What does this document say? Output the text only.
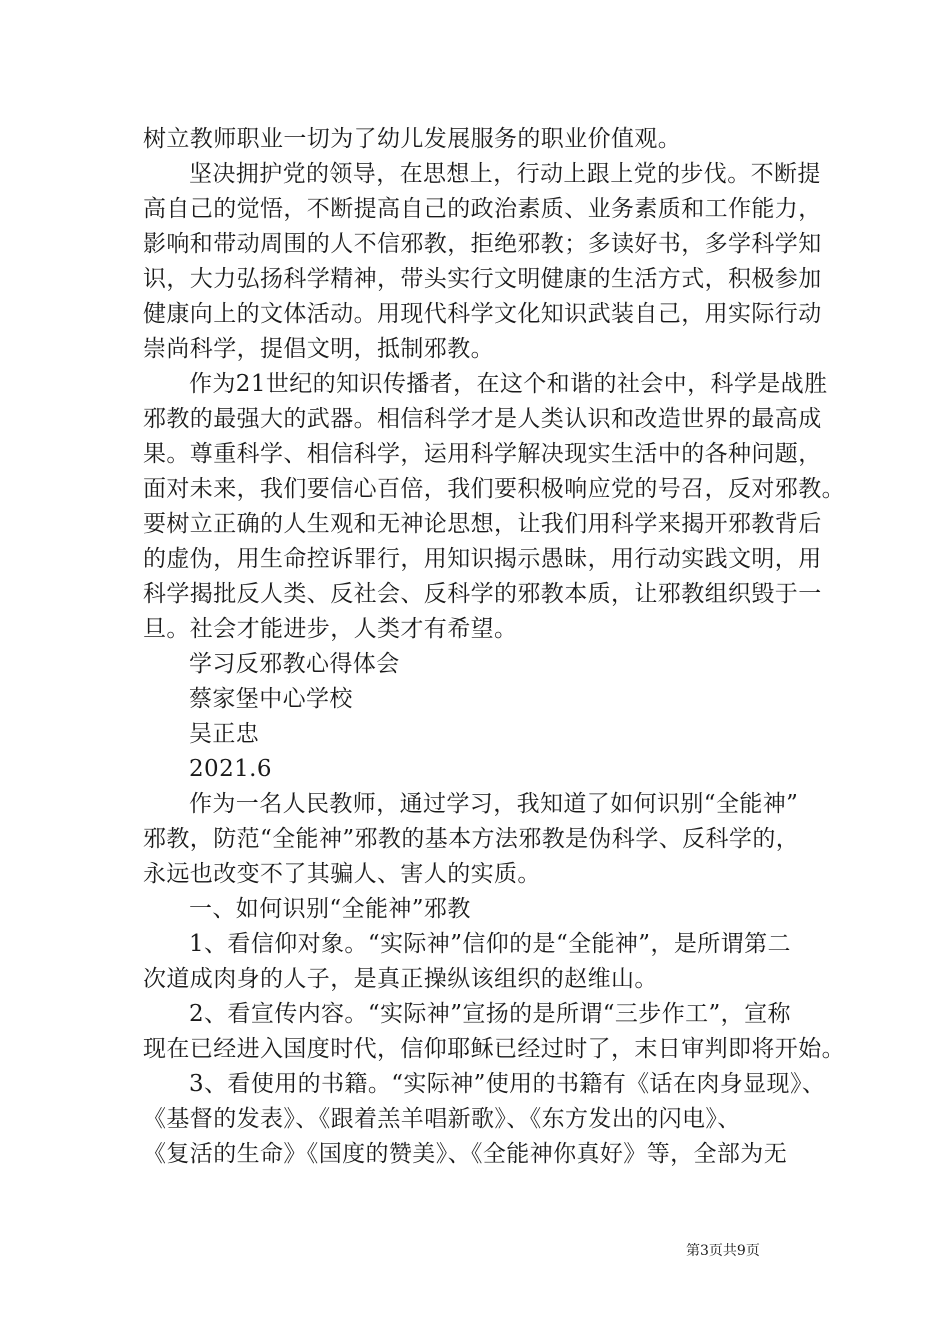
树立教师职业一切为了幼儿发展服务的职业价值观。
坚决拥护党的领导，在思想上，行动上跟上党的步伐。不断提
高自己的觉悟，不断提高自己的政治素质、业务素质和工作能力，
影响和带动周围的人不信邪教，拒绝邪教；多读好书，多学科学知
识，大力弘扬科学精神，带头实行文明健康的生活方式，积极参加
健康向上的文体活动。用现代科学文化知识武装自己，用实际行动
崇尚科学，提倡文明，抵制邪教。
作为21世纪的知识传播者，在这个和谐的社会中，科学是战胜
邪教的最强大的武器。相信科学才是人类认识和改造世界的最高成
果。尊重科学、相信科学，运用科学解决现实生活中的各种问题，
面对未来，我们要信心百倍，我们要积极响应党的号召，反对邪教。
要树立正确的人生观和无神论思想，让我们用科学来揭开邪教背后
的虚伪，用生命控诉罪行，用知识揭示愚昧，用行动实践文明，用
科学揭批反人类、反社会、反科学的邪教本质，让邪教组织毁于一
旦。社会才能进步，人类才有希望。
学习反邪教心得体会
蔡家堡中心学校
吴正忠
2021.6
作为一名人民教师，通过学习，我知道了如何识别“全能神”
邪教，防范“全能神”邪教的基本方法邪教是伪科学、反科学的，
永远也改变不了其骗人、害人的实质。
一、如何识别“全能神”邪教
1、看信仰对象。“实际神”信仰的是“全能神”，是所谓第二
次道成肉身的人子，是真正操纵该组织的赵维山。
2、看宣传内容。“实际神”宣扬的是所谓“三步作工”，宣称
现在已经进入国度时代，信仰耶稣已经过时了，末日审判即将开始。
3、看使用的书籍。“实际神”使用的书籍有《话在肉身显现》、
《基督的发表》、《跟着羔羊唱新歌》、《东方发出的闪电》、
《复活的生命》《国度的赞美》、《全能神你真好》等，全部为无
第3页共9页
